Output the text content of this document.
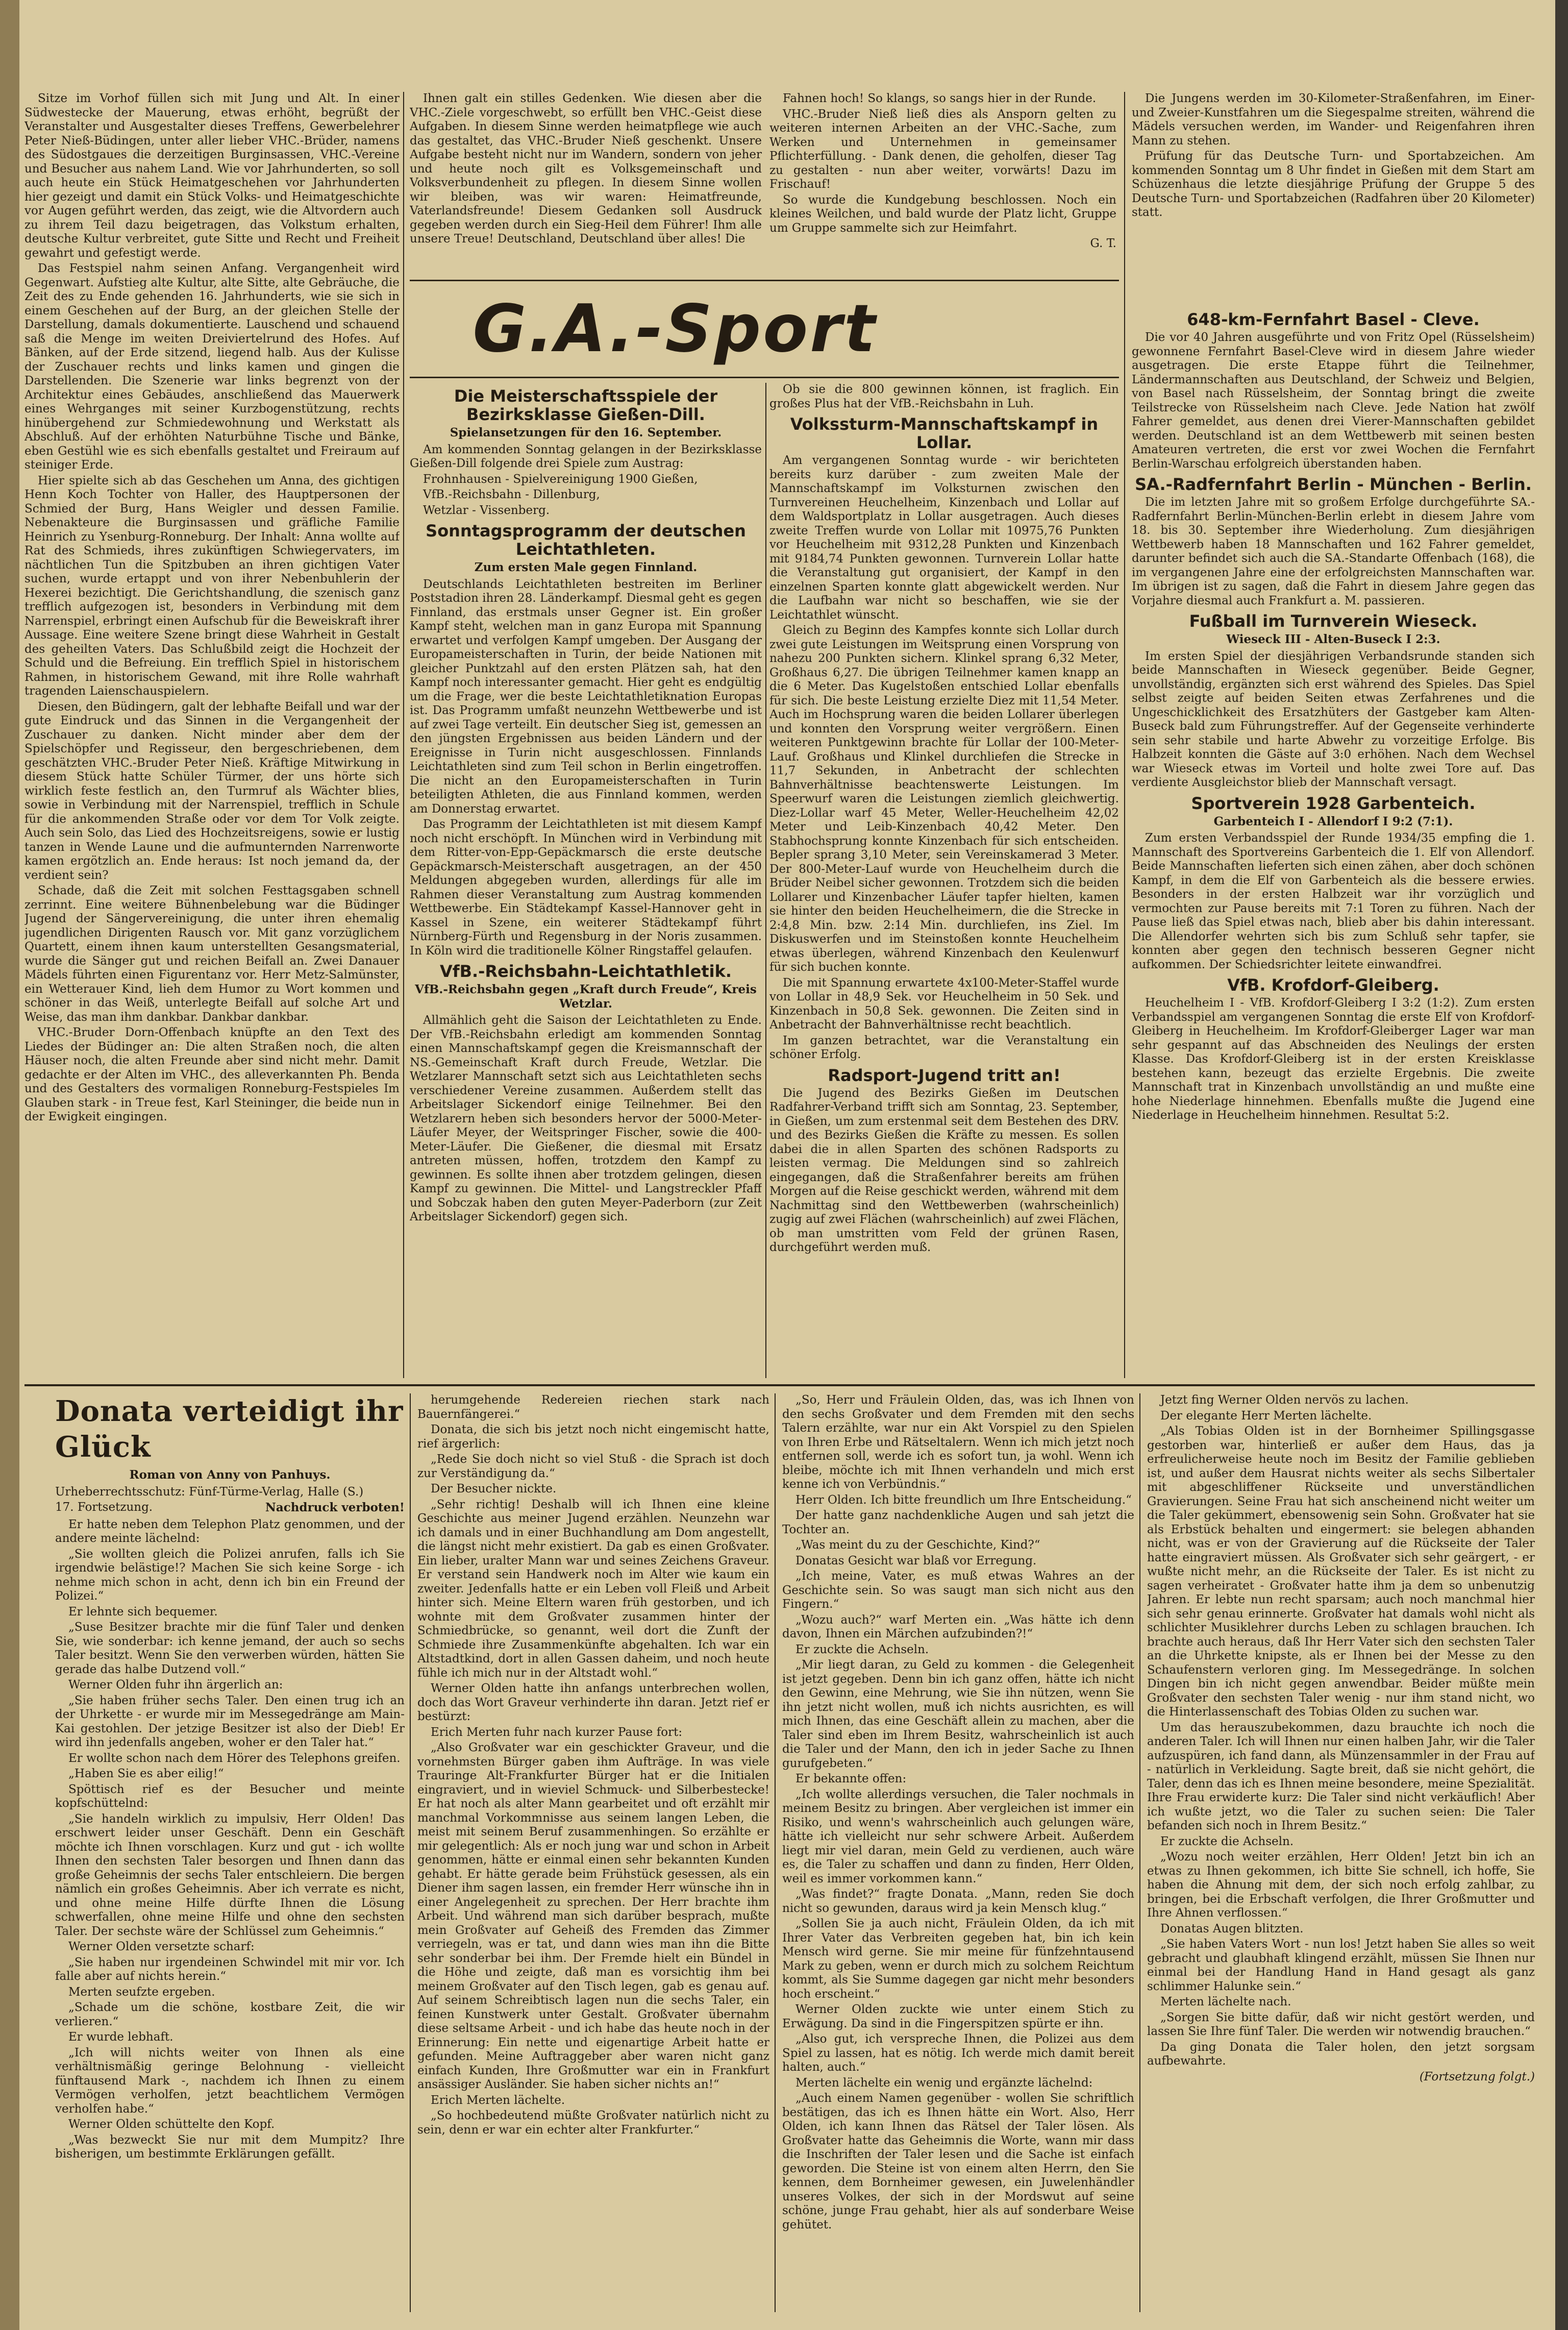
Sitze im Vorhof füllen sich mit Jung und Alt. In einer Südwestecke der Mauerung, etwas erhöht, begrüßt der Veranstalter und Ausgestalter dieses Treffens, Gewerbelehrer Peter Nieß-Büdingen, unter aller lieber VHC.-Brüder, namens des Südostgaues die derzeitigen Burginsassen, VHC.-Vereine und Besucher aus nahem Land. Wie vor Jahrhunderten, so soll auch heute ein Stück Heimatgeschehen vor Jahrhunderten hier gezeigt und damit ein Stück Volks- und Heimatgeschichte vor Augen geführt werden, das zeigt, wie die Altvordern auch zu ihrem Teil dazu beigetragen, das Volkstum erhalten, deutsche Kultur verbreitet, gute Sitte und Recht und Freiheit gewahrt und gefestigt werde.

Das Festspiel nahm seinen Anfang. Vergangenheit wird Gegenwart. Aufstieg alte Kultur, alte Sitte, alte Gebräuche, die Zeit des zu Ende gehenden 16. Jahrhunderts, wie sie sich in einem Geschehen auf der Burg, an der gleichen Stelle der Darstellung, damals dokumentierte. Lauschend und schauend saß die Menge im weiten Dreiviertelrund des Hofes. Auf Bänken, auf der Erde sitzend, liegend halb. Aus der Kulisse der Zuschauer rechts und links kamen und gingen die Darstellenden. Die Szenerie war links begrenzt von der Architektur eines Gebäudes, anschließend das Mauerwerk eines Wehrganges mit seiner Kurzbogenstützung, rechts hinübergehend zur Schmiedewohnung und Werkstatt als Abschluß. Auf der erhöhten Naturbühne Tische und Bänke, eben Gestühl wie es sich ebenfalls gestaltet und Freiraum auf steiniger Erde.

Hier spielte sich ab das Geschehen um Anna, des gichtigen Henn Koch Tochter von Haller, des Hauptpersonen der Schmied der Burg, Hans Weigler und dessen Familie. Nebenakteure die Burginsassen und gräfliche Familie Heinrich zu Ysenburg-Ronneburg. Der Inhalt: Anna wollte auf Rat des Schmieds, ihres zukünftigen Schwiegervaters, im nächtlichen Tun die Spitzbuben an ihren gichtigen Vater suchen, wurde ertappt und von ihrer Nebenbuhlerin der Hexerei bezichtigt. Die Gerichtshandlung, die szenisch ganz trefflich aufgezogen ist, besonders in Verbindung mit dem Narrenspiel, erbringt einen Aufschub für die Beweiskraft ihrer Aussage. Eine weitere Szene bringt diese Wahrheit in Gestalt des geheilten Vaters. Das Schlußbild zeigt die Hochzeit der Schuld und die Befreiung. Ein trefflich Spiel in historischem Rahmen, in historischem Gewand, mit ihre Rolle wahrhaft tragenden Laienschauspielern.

Diesen, den Büdingern, galt der lebhafte Beifall und war der gute Eindruck und das Sinnen in die Vergangenheit der Zuschauer zu danken. Nicht minder aber dem der Spielschöpfer und Regisseur, den bergeschriebenen, dem geschätzten VHC.-Bruder Peter Nieß. Kräftige Mitwirkung in diesem Stück hatte Schüler Türmer, der uns hörte sich wirklich feste festlich an, den Turmruf als Wächter blies, sowie in Verbindung mit der Narrenspiel, trefflich in Schule für die ankommenden Straße oder vor dem Tor Volk zeigte. Auch sein Solo, das Lied des Hochzeitsreigens, sowie er lustig tanzen in Wende Laune und die aufmunternden Narrenworte kamen ergötzlich an. Ende heraus: Ist noch jemand da, der verdient sein?

Schade, daß die Zeit mit solchen Festtagsgaben schnell zerrinnt. Eine weitere Bühnenbelebung war die Büdinger Jugend der Sängervereinigung, die unter ihren ehemalig jugendlichen Dirigenten Rausch vor. Mit ganz vorzüglichem Quartett, einem ihnen kaum unterstellten Gesangsmaterial, wurde die Sänger gut und reichen Beifall an. Zwei Danauer Mädels führten einen Figurentanz vor. Herr Metz-Salmünster, ein Wetterauer Kind, lieh dem Humor zu Wort kommen und schöner in das Weiß, unterlegte Beifall auf solche Art und Weise, das man ihm dankbar. Dankbar dankbar.

VHC.-Bruder Dorn-Offenbach knüpfte an den Text des Liedes der Büdinger an: Die alten Straßen noch, die alten Häuser noch, die alten Freunde aber sind nicht mehr. Damit gedachte er der Alten im VHC., des alleverkannten Ph. Benda und des Gestalters des vormaligen Ronneburg-Festspieles Im Glauben stark - in Treue fest, Karl Steininger, die beide nun in der Ewigkeit eingingen.

Ihnen galt ein stilles Gedenken. Wie diesen aber die VHC.-Ziele vorgeschwebt, so erfüllt ben VHC.-Geist diese Aufgaben. In diesem Sinne werden heimatpflege wie auch das gestaltet, das VHC.-Bruder Nieß geschenkt. Unsere Aufgabe besteht nicht nur im Wandern, sondern von jeher und heute noch gilt es Volksgemeinschaft und Volksverbundenheit zu pflegen. In diesem Sinne wollen wir bleiben, was wir waren: Heimatfreunde, Vaterlandsfreunde! Diesem Gedanken soll Ausdruck gegeben werden durch ein Sieg-Heil dem Führer! Ihm alle unsere Treue! Deutschland, Deutschland über alles! Die

Fahnen hoch! So klangs, so sangs hier in der Runde.

VHC.-Bruder Nieß ließ dies als Ansporn gelten zu weiteren internen Arbeiten an der VHC.-Sache, zum Werken und Unternehmen in gemeinsamer Pflichterfüllung. - Dank denen, die geholfen, dieser Tag zu gestalten - nun aber weiter, vorwärts! Dazu im Frischauf!

So wurde die Kundgebung beschlossen. Noch ein kleines Weilchen, und bald wurde der Platz licht, Gruppe um Gruppe sammelte sich zur Heimfahrt.

G. T.

Die Jungens werden im 30-Kilometer-Straßenfahren, im Einer- und Zweier-Kunstfahren um die Siegespalme streiten, während die Mädels versuchen werden, im Wander- und Reigenfahren ihren Mann zu stehen.

Prüfung für das Deutsche Turn- und Sportabzeichen. Am kommenden Sonntag um 8 Uhr findet in Gießen mit dem Start am Schüzenhaus die letzte diesjährige Prüfung der Gruppe 5 des Deutsche Turn- und Sportabzeichen (Radfahren über 20 Kilometer) statt.

G.A.-Sport
Die Meisterschaftsspiele der Bezirksklasse Gießen-Dill.
Spielansetzungen für den 16. September.

Am kommenden Sonntag gelangen in der Bezirksklasse Gießen-Dill folgende drei Spiele zum Austrag:

Frohnhausen - Spielvereinigung 1900 Gießen,

VfB.-Reichsbahn - Dillenburg,

Wetzlar - Vissenberg.

Sonntagsprogramm der deutschen Leichtathleten.
Zum ersten Male gegen Finnland.

Deutschlands Leichtathleten bestreiten im Berliner Poststadion ihren 28. Länderkampf. Diesmal geht es gegen Finnland, das erstmals unser Gegner ist. Ein großer Kampf steht, welchen man in ganz Europa mit Spannung erwartet und verfolgen Kampf umgeben. Der Ausgang der Europameisterschaften in Turin, der beide Nationen mit gleicher Punktzahl auf den ersten Plätzen sah, hat den Kampf noch interessanter gemacht. Hier geht es endgültig um die Frage, wer die beste Leichtathletiknation Europas ist. Das Programm umfaßt neunzehn Wettbewerbe und ist auf zwei Tage verteilt. Ein deutscher Sieg ist, gemessen an den jüngsten Ergebnissen aus beiden Ländern und der Ereignisse in Turin nicht ausgeschlossen. Finnlands Leichtathleten sind zum Teil schon in Berlin eingetroffen. Die nicht an den Europameisterschaften in Turin beteiligten Athleten, die aus Finnland kommen, werden am Donnerstag erwartet.

Das Programm der Leichtathleten ist mit diesem Kampf noch nicht erschöpft. In München wird in Verbindung mit dem Ritter-von-Epp-Gepäckmarsch die erste deutsche Gepäckmarsch-Meisterschaft ausgetragen, an der 450 Meldungen abgegeben wurden, allerdings für alle im Rahmen dieser Veranstaltung zum Austrag kommenden Wettbewerbe. Ein Städtekampf Kassel-Hannover geht in Kassel in Szene, ein weiterer Städtekampf führt Nürnberg-Fürth und Regensburg in der Noris zusammen. In Köln wird die traditionelle Kölner Ringstaffel gelaufen.

VfB.-Reichsbahn-Leichtathletik.
VfB.-Reichsbahn gegen „Kraft durch Freude“, Kreis Wetzlar.

Allmählich geht die Saison der Leichtathleten zu Ende. Der VfB.-Reichsbahn erledigt am kommenden Sonntag einen Mannschaftskampf gegen die Kreismannschaft der NS.-Gemeinschaft Kraft durch Freude, Wetzlar. Die Wetzlarer Mannschaft setzt sich aus Leichtathleten sechs verschiedener Vereine zusammen. Außerdem stellt das Arbeitslager Sickendorf einige Teilnehmer. Bei den Wetzlarern heben sich besonders hervor der 5000-Meter-Läufer Meyer, der Weitspringer Fischer, sowie die 400-Meter-Läufer. Die Gießener, die diesmal mit Ersatz antreten müssen, hoffen, trotzdem den Kampf zu gewinnen. Es sollte ihnen aber trotzdem gelingen, diesen Kampf zu gewinnen. Die Mittel- und Langstreckler Pfaff und Sobczak haben den guten Meyer-Paderborn (zur Zeit Arbeitslager Sickendorf) gegen sich.

Ob sie die 800 gewinnen können, ist fraglich. Ein großes Plus hat der VfB.-Reichsbahn in Luh.

Volkssturm-Mannschaftskampf in Lollar.

Am vergangenen Sonntag wurde - wir berichteten bereits kurz darüber - zum zweiten Male der Mannschaftskampf im Volksturnen zwischen den Turnvereinen Heuchelheim, Kinzenbach und Lollar auf dem Waldsportplatz in Lollar ausgetragen. Auch dieses zweite Treffen wurde von Lollar mit 10975,76 Punkten vor Heuchelheim mit 9312,28 Punkten und Kinzenbach mit 9184,74 Punkten gewonnen. Turnverein Lollar hatte die Veranstaltung gut organisiert, der Kampf in den einzelnen Sparten konnte glatt abgewickelt werden. Nur die Laufbahn war nicht so beschaffen, wie sie der Leichtathlet wünscht.

Gleich zu Beginn des Kampfes konnte sich Lollar durch zwei gute Leistungen im Weitsprung einen Vorsprung von nahezu 200 Punkten sichern. Klinkel sprang 6,32 Meter, Großhaus 6,27. Die übrigen Teilnehmer kamen knapp an die 6 Meter. Das Kugelstoßen entschied Lollar ebenfalls für sich. Die beste Leistung erzielte Diez mit 11,54 Meter. Auch im Hochsprung waren die beiden Lollarer überlegen und konnten den Vorsprung weiter vergrößern. Einen weiteren Punktgewinn brachte für Lollar der 100-Meter-Lauf. Großhaus und Klinkel durchliefen die Strecke in 11,7 Sekunden, in Anbetracht der schlechten Bahnverhältnisse beachtenswerte Leistungen. Im Speerwurf waren die Leistungen ziemlich gleichwertig. Diez-Lollar warf 45 Meter, Weller-Heuchelheim 42,02 Meter und Leib-Kinzenbach 40,42 Meter. Den Stabhochsprung konnte Kinzenbach für sich entscheiden. Bepler sprang 3,10 Meter, sein Vereinskamerad 3 Meter. Der 800-Meter-Lauf wurde von Heuchelheim durch die Brüder Neibel sicher gewonnen. Trotzdem sich die beiden Lollarer und Kinzenbacher Läufer tapfer hielten, kamen sie hinter den beiden Heuchelheimern, die die Strecke in 2:4,8 Min. bzw. 2:14 Min. durchliefen, ins Ziel. Im Diskuswerfen und im Steinstoßen konnte Heuchelheim etwas überlegen, während Kinzenbach den Keulenwurf für sich buchen konnte.

Die mit Spannung erwartete 4x100-Meter-Staffel wurde von Lollar in 48,9 Sek. vor Heuchelheim in 50 Sek. und Kinzenbach in 50,8 Sek. gewonnen. Die Zeiten sind in Anbetracht der Bahnverhältnisse recht beachtlich.

Im ganzen betrachtet, war die Veranstaltung ein schöner Erfolg.

Radsport-Jugend tritt an!

Die Jugend des Bezirks Gießen im Deutschen Radfahrer-Verband trifft sich am Sonntag, 23. September, in Gießen, um zum erstenmal seit dem Bestehen des DRV. und des Bezirks Gießen die Kräfte zu messen. Es sollen dabei die in allen Sparten des schönen Radsports zu leisten vermag. Die Meldungen sind so zahlreich eingegangen, daß die Straßenfahrer bereits am frühen Morgen auf die Reise geschickt werden, während mit dem Nachmittag sind den Wettbewerben (wahrscheinlich) zugig auf zwei Flächen (wahrscheinlich) auf zwei Flächen, ob man umstritten vom Feld der grünen Rasen, durchgeführt werden muß.

648-km-Fernfahrt Basel - Cleve.

Die vor 40 Jahren ausgeführte und von Fritz Opel (Rüsselsheim) gewonnene Fernfahrt Basel-Cleve wird in diesem Jahre wieder ausgetragen. Die erste Etappe führt die Teilnehmer, Ländermannschaften aus Deutschland, der Schweiz und Belgien, von Basel nach Rüsselsheim, der Sonntag bringt die zweite Teilstrecke von Rüsselsheim nach Cleve. Jede Nation hat zwölf Fahrer gemeldet, aus denen drei Vierer-Mannschaften gebildet werden. Deutschland ist an dem Wettbewerb mit seinen besten Amateuren vertreten, die erst vor zwei Wochen die Fernfahrt Berlin-Warschau erfolgreich überstanden haben.

SA.-Radfernfahrt Berlin - München - Berlin.

Die im letzten Jahre mit so großem Erfolge durchgeführte SA.-Radfernfahrt Berlin-München-Berlin erlebt in diesem Jahre vom 18. bis 30. September ihre Wiederholung. Zum diesjährigen Wettbewerb haben 18 Mannschaften und 162 Fahrer gemeldet, darunter befindet sich auch die SA.-Standarte Offenbach (168), die im vergangenen Jahre eine der erfolgreichsten Mannschaften war. Im übrigen ist zu sagen, daß die Fahrt in diesem Jahre gegen das Vorjahre diesmal auch Frankfurt a. M. passieren.

Fußball im Turnverein Wieseck.
Wieseck III - Alten-Buseck I 2:3.

Im ersten Spiel der diesjährigen Verbandsrunde standen sich beide Mannschaften in Wieseck gegenüber. Beide Gegner, unvollständig, ergänzten sich erst während des Spieles. Das Spiel selbst zeigte auf beiden Seiten etwas Zerfahrenes und die Ungeschicklichkeit des Ersatzhüters der Gastgeber kam Alten-Buseck bald zum Führungstreffer. Auf der Gegenseite verhinderte sein sehr stabile und harte Abwehr zu vorzeitige Erfolge. Bis Halbzeit konnten die Gäste auf 3:0 erhöhen. Nach dem Wechsel war Wieseck etwas im Vorteil und holte zwei Tore auf. Das verdiente Ausgleichstor blieb der Mannschaft versagt.

Sportverein 1928 Garbenteich.
Garbenteich I - Allendorf I 9:2 (7:1).

Zum ersten Verbandsspiel der Runde 1934/35 empfing die 1. Mannschaft des Sportvereins Garbenteich die 1. Elf von Allendorf. Beide Mannschaften lieferten sich einen zähen, aber doch schönen Kampf, in dem die Elf von Garbenteich als die bessere erwies. Besonders in der ersten Halbzeit war ihr vorzüglich und vermochten zur Pause bereits mit 7:1 Toren zu führen. Nach der Pause ließ das Spiel etwas nach, blieb aber bis dahin interessant. Die Allendorfer wehrten sich bis zum Schluß sehr tapfer, sie konnten aber gegen den technisch besseren Gegner nicht aufkommen. Der Schiedsrichter leitete einwandfrei.

VfB. Krofdorf-Gleiberg.

Heuchelheim I - VfB. Krofdorf-Gleiberg I 3:2 (1:2). Zum ersten Verbandsspiel am vergangenen Sonntag die erste Elf von Krofdorf-Gleiberg in Heuchelheim. Im Krofdorf-Gleiberger Lager war man sehr gespannt auf das Abschneiden des Neulings der ersten Klasse. Das Krofdorf-Gleiberg ist in der ersten Kreisklasse bestehen kann, bezeugt das erzielte Ergebnis. Die zweite Mannschaft trat in Kinzenbach unvollständig an und mußte eine hohe Niederlage hinnehmen. Ebenfalls mußte die Jugend eine Niederlage in Heuchelheim hinnehmen. Resultat 5:2.

Donata verteidigt ihr Glück
Roman von Anny von Panhuys.

Urheberrechtsschutz: Fünf-Türme-Verlag, Halle (S.)

17. Fortsetzung.	Nachdruck verboten!

Er hatte neben dem Telephon Platz genommen, und der andere meinte lächelnd:

„Sie wollten gleich die Polizei anrufen, falls ich Sie irgendwie belästige!? Machen Sie sich keine Sorge - ich nehme mich schon in acht, denn ich bin ein Freund der Polizei.“

Er lehnte sich bequemer.

„Suse Besitzer brachte mir die fünf Taler und denken Sie, wie sonderbar: ich kenne jemand, der auch so sechs Taler besitzt. Wenn Sie den verwerben würden, hätten Sie gerade das halbe Dutzend voll.“

Werner Olden fuhr ihn ärgerlich an:

„Sie haben früher sechs Taler. Den einen trug ich an der Uhrkette - er wurde mir im Messegedränge am Main-Kai gestohlen. Der jetzige Besitzer ist also der Dieb! Er wird ihn jedenfalls angeben, woher er den Taler hat.“

Er wollte schon nach dem Hörer des Telephons greifen.

„Haben Sie es aber eilig!“

Spöttisch rief es der Besucher und meinte kopfschüttelnd:

„Sie handeln wirklich zu impulsiv, Herr Olden! Das erschwert leider unser Geschäft. Denn ein Geschäft möchte ich Ihnen vorschlagen. Kurz und gut - ich wollte Ihnen den sechsten Taler besorgen und Ihnen dann das große Geheimnis der sechs Taler entschleiern. Die bergen nämlich ein großes Geheimnis. Aber ich verrate es nicht, und ohne meine Hilfe dürfte Ihnen die Lösung schwerfallen, ohne meine Hilfe und ohne den sechsten Taler. Der sechste wäre der Schlüssel zum Geheimnis.“

Werner Olden versetzte scharf:

„Sie haben nur irgendeinen Schwindel mit mir vor. Ich falle aber auf nichts herein.“

Merten seufzte ergeben.

„Schade um die schöne, kostbare Zeit, die wir verlieren.“

Er wurde lebhaft.

„Ich will nichts weiter von Ihnen als eine verhältnismäßig geringe Belohnung - vielleicht fünftausend Mark -, nachdem ich Ihnen zu einem Vermögen verholfen, jetzt beachtlichem Vermögen verholfen habe.“

Werner Olden schüttelte den Kopf.

„Was bezweckt Sie nur mit dem Mumpitz? Ihre bisherigen, um bestimmte Erklärungen gefällt.

herumgehende Redereien riechen stark nach Bauernfängerei.“

Donata, die sich bis jetzt noch nicht eingemischt hatte, rief ärgerlich:

„Rede Sie doch nicht so viel Stuß - die Sprach ist doch zur Verständigung da.“

Der Besucher nickte.

„Sehr richtig! Deshalb will ich Ihnen eine kleine Geschichte aus meiner Jugend erzählen. Neunzehn war ich damals und in einer Buchhandlung am Dom angestellt, die längst nicht mehr existiert. Da gab es einen Großvater. Ein lieber, uralter Mann war und seines Zeichens Graveur. Er verstand sein Handwerk noch im Alter wie kaum ein zweiter. Jedenfalls hatte er ein Leben voll Fleiß und Arbeit hinter sich. Meine Eltern waren früh gestorben, und ich wohnte mit dem Großvater zusammen hinter der Schmiedbrücke, so genannt, weil dort die Zunft der Schmiede ihre Zusammenkünfte abgehalten. Ich war ein Altstadtkind, dort in allen Gassen daheim, und noch heute fühle ich mich nur in der Altstadt wohl.“

Werner Olden hatte ihn anfangs unterbrechen wollen, doch das Wort Graveur verhinderte ihn daran. Jetzt rief er bestürzt:

Erich Merten fuhr nach kurzer Pause fort:

„Also Großvater war ein geschickter Graveur, und die vornehmsten Bürger gaben ihm Aufträge. In was viele Trauringe Alt-Frankfurter Bürger hat er die Initialen eingraviert, und in wieviel Schmuck- und Silberbestecke! Er hat noch als alter Mann gearbeitet und oft erzählt mir manchmal Vorkommnisse aus seinem langen Leben, die meist mit seinem Beruf zusammenhingen. So erzählte er mir gelegentlich: Als er noch jung war und schon in Arbeit genommen, hätte er einmal einen sehr bekannten Kunden gehabt. Er hätte gerade beim Frühstück gesessen, als ein Diener ihm sagen lassen, ein fremder Herr wünsche ihn in einer Angelegenheit zu sprechen. Der Herr brachte ihm Arbeit. Und während man sich darüber besprach, mußte mein Großvater auf Geheiß des Fremden das Zimmer verriegeln, was er tat, und dann wies man ihn die Bitte sehr sonderbar bei ihm. Der Fremde hielt ein Bündel in die Höhe und zeigte, daß man es vorsichtig ihm bei meinem Großvater auf den Tisch legen, gab es genau auf. Auf seinem Schreibtisch lagen nun die sechs Taler, ein feinen Kunstwerk unter Gestalt. Großvater übernahm diese seltsame Arbeit - und ich habe das heute noch in der Erinnerung: Ein nette und eigenartige Arbeit hatte er gefunden. Meine Auftraggeber aber waren nicht ganz einfach Kunden, Ihre Großmutter war ein in Frankfurt ansässiger Ausländer. Sie haben sicher nichts an!“

Erich Merten lächelte.

„So hochbedeutend müßte Großvater natürlich nicht zu sein, denn er war ein echter alter Frankfurter.“

„So, Herr und Fräulein Olden, das, was ich Ihnen von den sechs Großvater und dem Fremden mit den sechs Talern erzählte, war nur ein Akt Vorspiel zu den Spielen von Ihren Erbe und Rätseltalern. Wenn ich mich jetzt noch entfernen soll, werde ich es sofort tun, ja wohl. Wenn ich bleibe, möchte ich mit Ihnen verhandeln und mich erst kenne ich von Verbündnis.“

Herr Olden. Ich bitte freundlich um Ihre Entscheidung.“

Der hatte ganz nachdenkliche Augen und sah jetzt die Tochter an.

„Was meint du zu der Geschichte, Kind?“

Donatas Gesicht war blaß vor Erregung.

„Ich meine, Vater, es muß etwas Wahres an der Geschichte sein. So was saugt man sich nicht aus den Fingern.“

„Wozu auch?“ warf Merten ein. „Was hätte ich denn davon, Ihnen ein Märchen aufzubinden?!“

Er zuckte die Achseln.

„Mir liegt daran, zu Geld zu kommen - die Gelegenheit ist jetzt gegeben. Denn bin ich ganz offen, hätte ich nicht den Gewinn, eine Mehrung, wie Sie ihn nützen, wenn Sie ihn jetzt nicht wollen, muß ich nichts ausrichten, es will mich Ihnen, das eine Geschäft allein zu machen, aber die Taler sind eben im Ihrem Besitz, wahrscheinlich ist auch die Taler und der Mann, den ich in jeder Sache zu Ihnen gurufgebeten.“

Er bekannte offen:

„Ich wollte allerdings versuchen, die Taler nochmals in meinem Besitz zu bringen. Aber vergleichen ist immer ein Risiko, und wenn's wahrscheinlich auch gelungen wäre, hätte ich vielleicht nur sehr schwere Arbeit. Außerdem liegt mir viel daran, mein Geld zu verdienen, auch wäre es, die Taler zu schaffen und dann zu finden, Herr Olden, weil es immer vorkommen kann.“

„Was findet?“ fragte Donata. „Mann, reden Sie doch nicht so gewunden, daraus wird ja kein Mensch klug.“

„Sollen Sie ja auch nicht, Fräulein Olden, da ich mit Ihrer Vater das Verbreiten gegeben hat, bin ich kein Mensch wird gerne. Sie mir meine für fünfzehntausend Mark zu geben, wenn er durch mich zu solchem Reichtum kommt, als Sie Summe dagegen gar nicht mehr besonders hoch erscheint.“

Werner Olden zuckte wie unter einem Stich zu Erwägung. Da sind in die Fingerspitzen spürte er ihn.

„Also gut, ich verspreche Ihnen, die Polizei aus dem Spiel zu lassen, hat es nötig. Ich werde mich damit bereit halten, auch.“

Merten lächelte ein wenig und ergänzte lächelnd:

„Auch einem Namen gegenüber - wollen Sie schriftlich bestätigen, das ich es Ihnen hätte ein Wort. Also, Herr Olden, ich kann Ihnen das Rätsel der Taler lösen. Als Großvater hatte das Geheimnis die Worte, wann mir dass die Inschriften der Taler lesen und die Sache ist einfach geworden. Die Steine ist von einem alten Herrn, den Sie kennen, dem Bornheimer gewesen, ein Juwelenhändler unseres Volkes, der sich in der Mordswut auf seine schöne, junge Frau gehabt, hier als auf sonderbare Weise gehütet.

Jetzt fing Werner Olden nervös zu lachen.

Der elegante Herr Merten lächelte.

„Als Tobias Olden ist in der Bornheimer Spillingsgasse gestorben war, hinterließ er außer dem Haus, das ja erfreulicherweise heute noch im Besitz der Familie geblieben ist, und außer dem Hausrat nichts weiter als sechs Silbertaler mit abgeschliffener Rückseite und unverständlichen Gravierungen. Seine Frau hat sich anscheinend nicht weiter um die Taler gekümmert, ebensowenig sein Sohn. Großvater hat sie als Erbstück behalten und eingermert: sie belegen abhanden nicht, was er von der Gravierung auf die Rückseite der Taler hatte eingraviert müssen. Als Großvater sich sehr geärgert, - er wußte nicht mehr, an die Rückseite der Taler. Es ist nicht zu sagen verheiratet - Großvater hatte ihm ja dem so unbenutzig Jahren. Er lebte nun recht sparsam; auch noch manchmal hier sich sehr genau erinnerte. Großvater hat damals wohl nicht als schlichter Musiklehrer durchs Leben zu schlagen brauchen. Ich brachte auch heraus, daß Ihr Herr Vater sich den sechsten Taler an die Uhrkette knipste, als er Ihnen bei der Messe zu den Schaufenstern verloren ging. Im Messegedränge. In solchen Dingen bin ich nicht gegen anwendbar. Beider müßte mein Großvater den sechsten Taler wenig - nur ihm stand nicht, wo die Hinterlassenschaft des Tobias Olden zu suchen war.

Um das herauszubekommen, dazu brauchte ich noch die anderen Taler. Ich will Ihnen nur einen halben Jahr, wir die Taler aufzuspüren, ich fand dann, als Münzensammler in der Frau auf - natürlich in Verkleidung. Sagte breit, daß sie nicht gehört, die Taler, denn das ich es Ihnen meine besondere, meine Spezialität. Ihre Frau erwiderte kurz: Die Taler sind nicht verkäuflich! Aber ich wußte jetzt, wo die Taler zu suchen seien: Die Taler befanden sich noch in Ihrem Besitz.“

Er zuckte die Achseln.

„Wozu noch weiter erzählen, Herr Olden! Jetzt bin ich an etwas zu Ihnen gekommen, ich bitte Sie schnell, ich hoffe, Sie haben die Ahnung mit dem, der sich noch erfolg zahlbar, zu bringen, bei die Erbschaft verfolgen, die Ihrer Großmutter und Ihre Ahnen verflossen.“

Donatas Augen blitzten.

„Sie haben Vaters Wort - nun los! Jetzt haben Sie alles so weit gebracht und glaubhaft klingend erzählt, müssen Sie Ihnen nur einmal bei der Handlung Hand in Hand gesagt als ganz schlimmer Halunke sein.“

Merten lächelte nach.

„Sorgen Sie bitte dafür, daß wir nicht gestört werden, und lassen Sie Ihre fünf Taler. Die werden wir notwendig brauchen.“

Da ging Donata die Taler holen, den jetzt sorgsam aufbewahrte.

(Fortsetzung folgt.)
